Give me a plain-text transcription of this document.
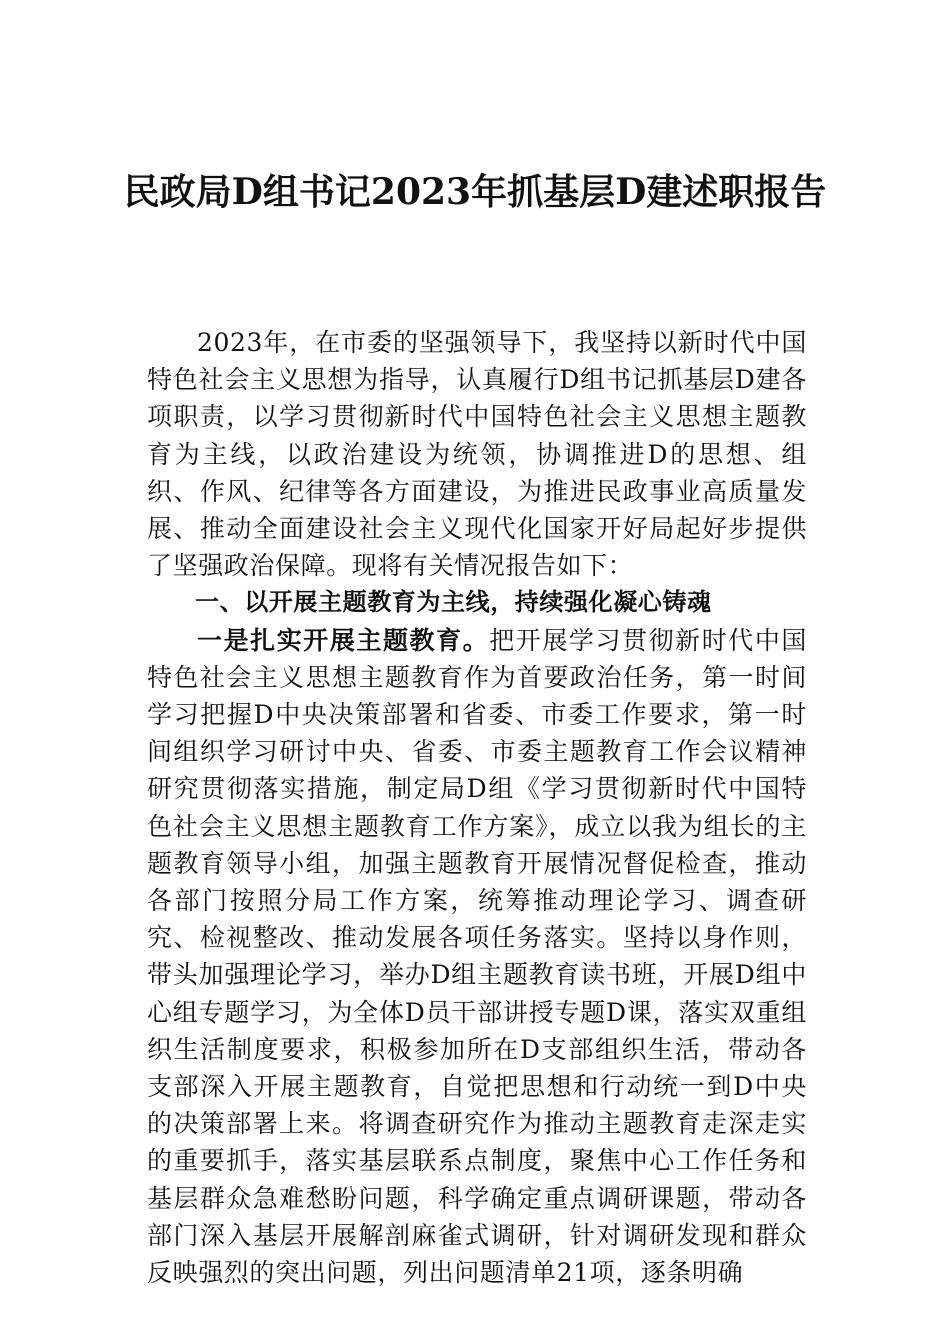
民政局D组书记2023年抓基层D建述职报告

2023年，在市委的坚强领导下，我坚持以新时代中国特色社会主义思想为指导，认真履行D组书记抓基层D建各项职责，以学习贯彻新时代中国特色社会主义思想主题教育为主线，以政治建设为统领，协调推进D的思想、组织、作风、纪律等各方面建设，为推进民政事业高质量发展、推动全面建设社会主义现代化国家开好局起好步提供了坚强政治保障。现将有关情况报告如下：

一、以开展主题教育为主线，持续强化凝心铸魂

一是扎实开展主题教育。把开展学习贯彻新时代中国特色社会主义思想主题教育作为首要政治任务，第一时间学习把握D中央决策部署和省委、市委工作要求，第一时间组织学习研讨中央、省委、市委主题教育工作会议精神研究贯彻落实措施，制定局D组《学习贯彻新时代中国特色社会主义思想主题教育工作方案》，成立以我为组长的主题教育领导小组，加强主题教育开展情况督促检查，推动各部门按照分局工作方案，统筹推动理论学习、调查研究、检视整改、推动发展各项任务落实。坚持以身作则，带头加强理论学习，举办D组主题教育读书班，开展D组中心组专题学习，为全体D员干部讲授专题D课，落实双重组织生活制度要求，积极参加所在D支部组织生活，带动各支部深入开展主题教育，自觉把思想和行动统一到D中央的决策部署上来。将调查研究作为推动主题教育走深走实的重要抓手，落实基层联系点制度，聚焦中心工作任务和基层群众急难愁盼问题，科学确定重点调研课题，带动各部门深入基层开展解剖麻雀式调研，针对调研发现和群众反映强烈的突出问题，列出问题清单21项，逐条明确
